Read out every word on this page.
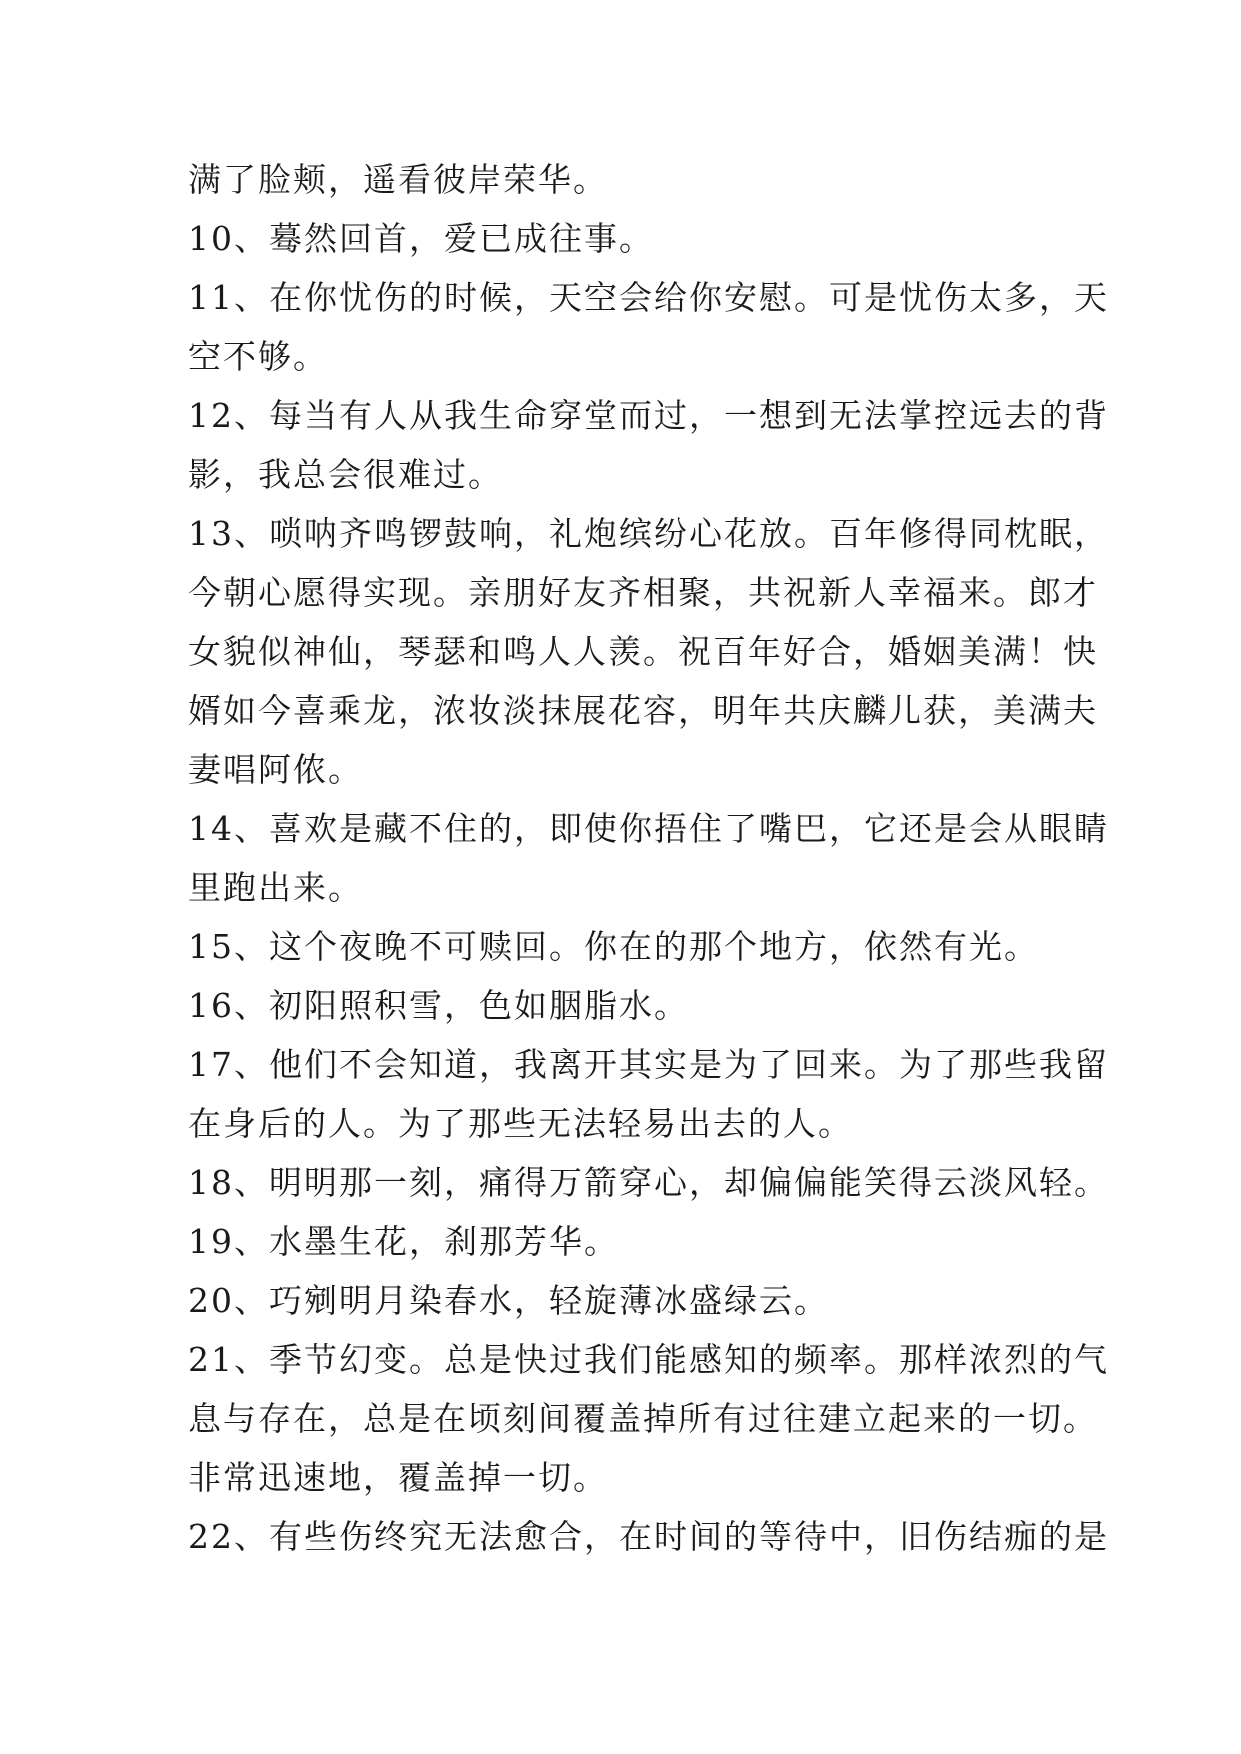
满了脸颊，遥看彼岸荣华。
10、蓦然回首，爱已成往事。
11、在你忧伤的时候，天空会给你安慰。可是忧伤太多，天
空不够。
12、每当有人从我生命穿堂而过，一想到无法掌控远去的背
影，我总会很难过。
13、唢呐齐鸣锣鼓响，礼炮缤纷心花放。百年修得同枕眠，
今朝心愿得实现。亲朋好友齐相聚，共祝新人幸福来。郎才
女貌似神仙，琴瑟和鸣人人羡。祝百年好合，婚姻美满！快
婿如今喜乘龙，浓妆淡抹展花容，明年共庆麟儿获，美满夫
妻唱阿侬。
14、喜欢是藏不住的，即使你捂住了嘴巴，它还是会从眼睛
里跑出来。
15、这个夜晚不可赎回。你在的那个地方，依然有光。
16、初阳照积雪，色如胭脂水。
17、他们不会知道，我离开其实是为了回来。为了那些我留
在身后的人。为了那些无法轻易出去的人。
18、明明那一刻，痛得万箭穿心，却偏偏能笑得云淡风轻。
19、水墨生花，刹那芳华。
20、巧剜明月染春水，轻旋薄冰盛绿云。
21、季节幻变。总是快过我们能感知的频率。那样浓烈的气
息与存在，总是在顷刻间覆盖掉所有过往建立起来的一切。
非常迅速地，覆盖掉一切。
22、有些伤终究无法愈合，在时间的等待中，旧伤结痂的是
